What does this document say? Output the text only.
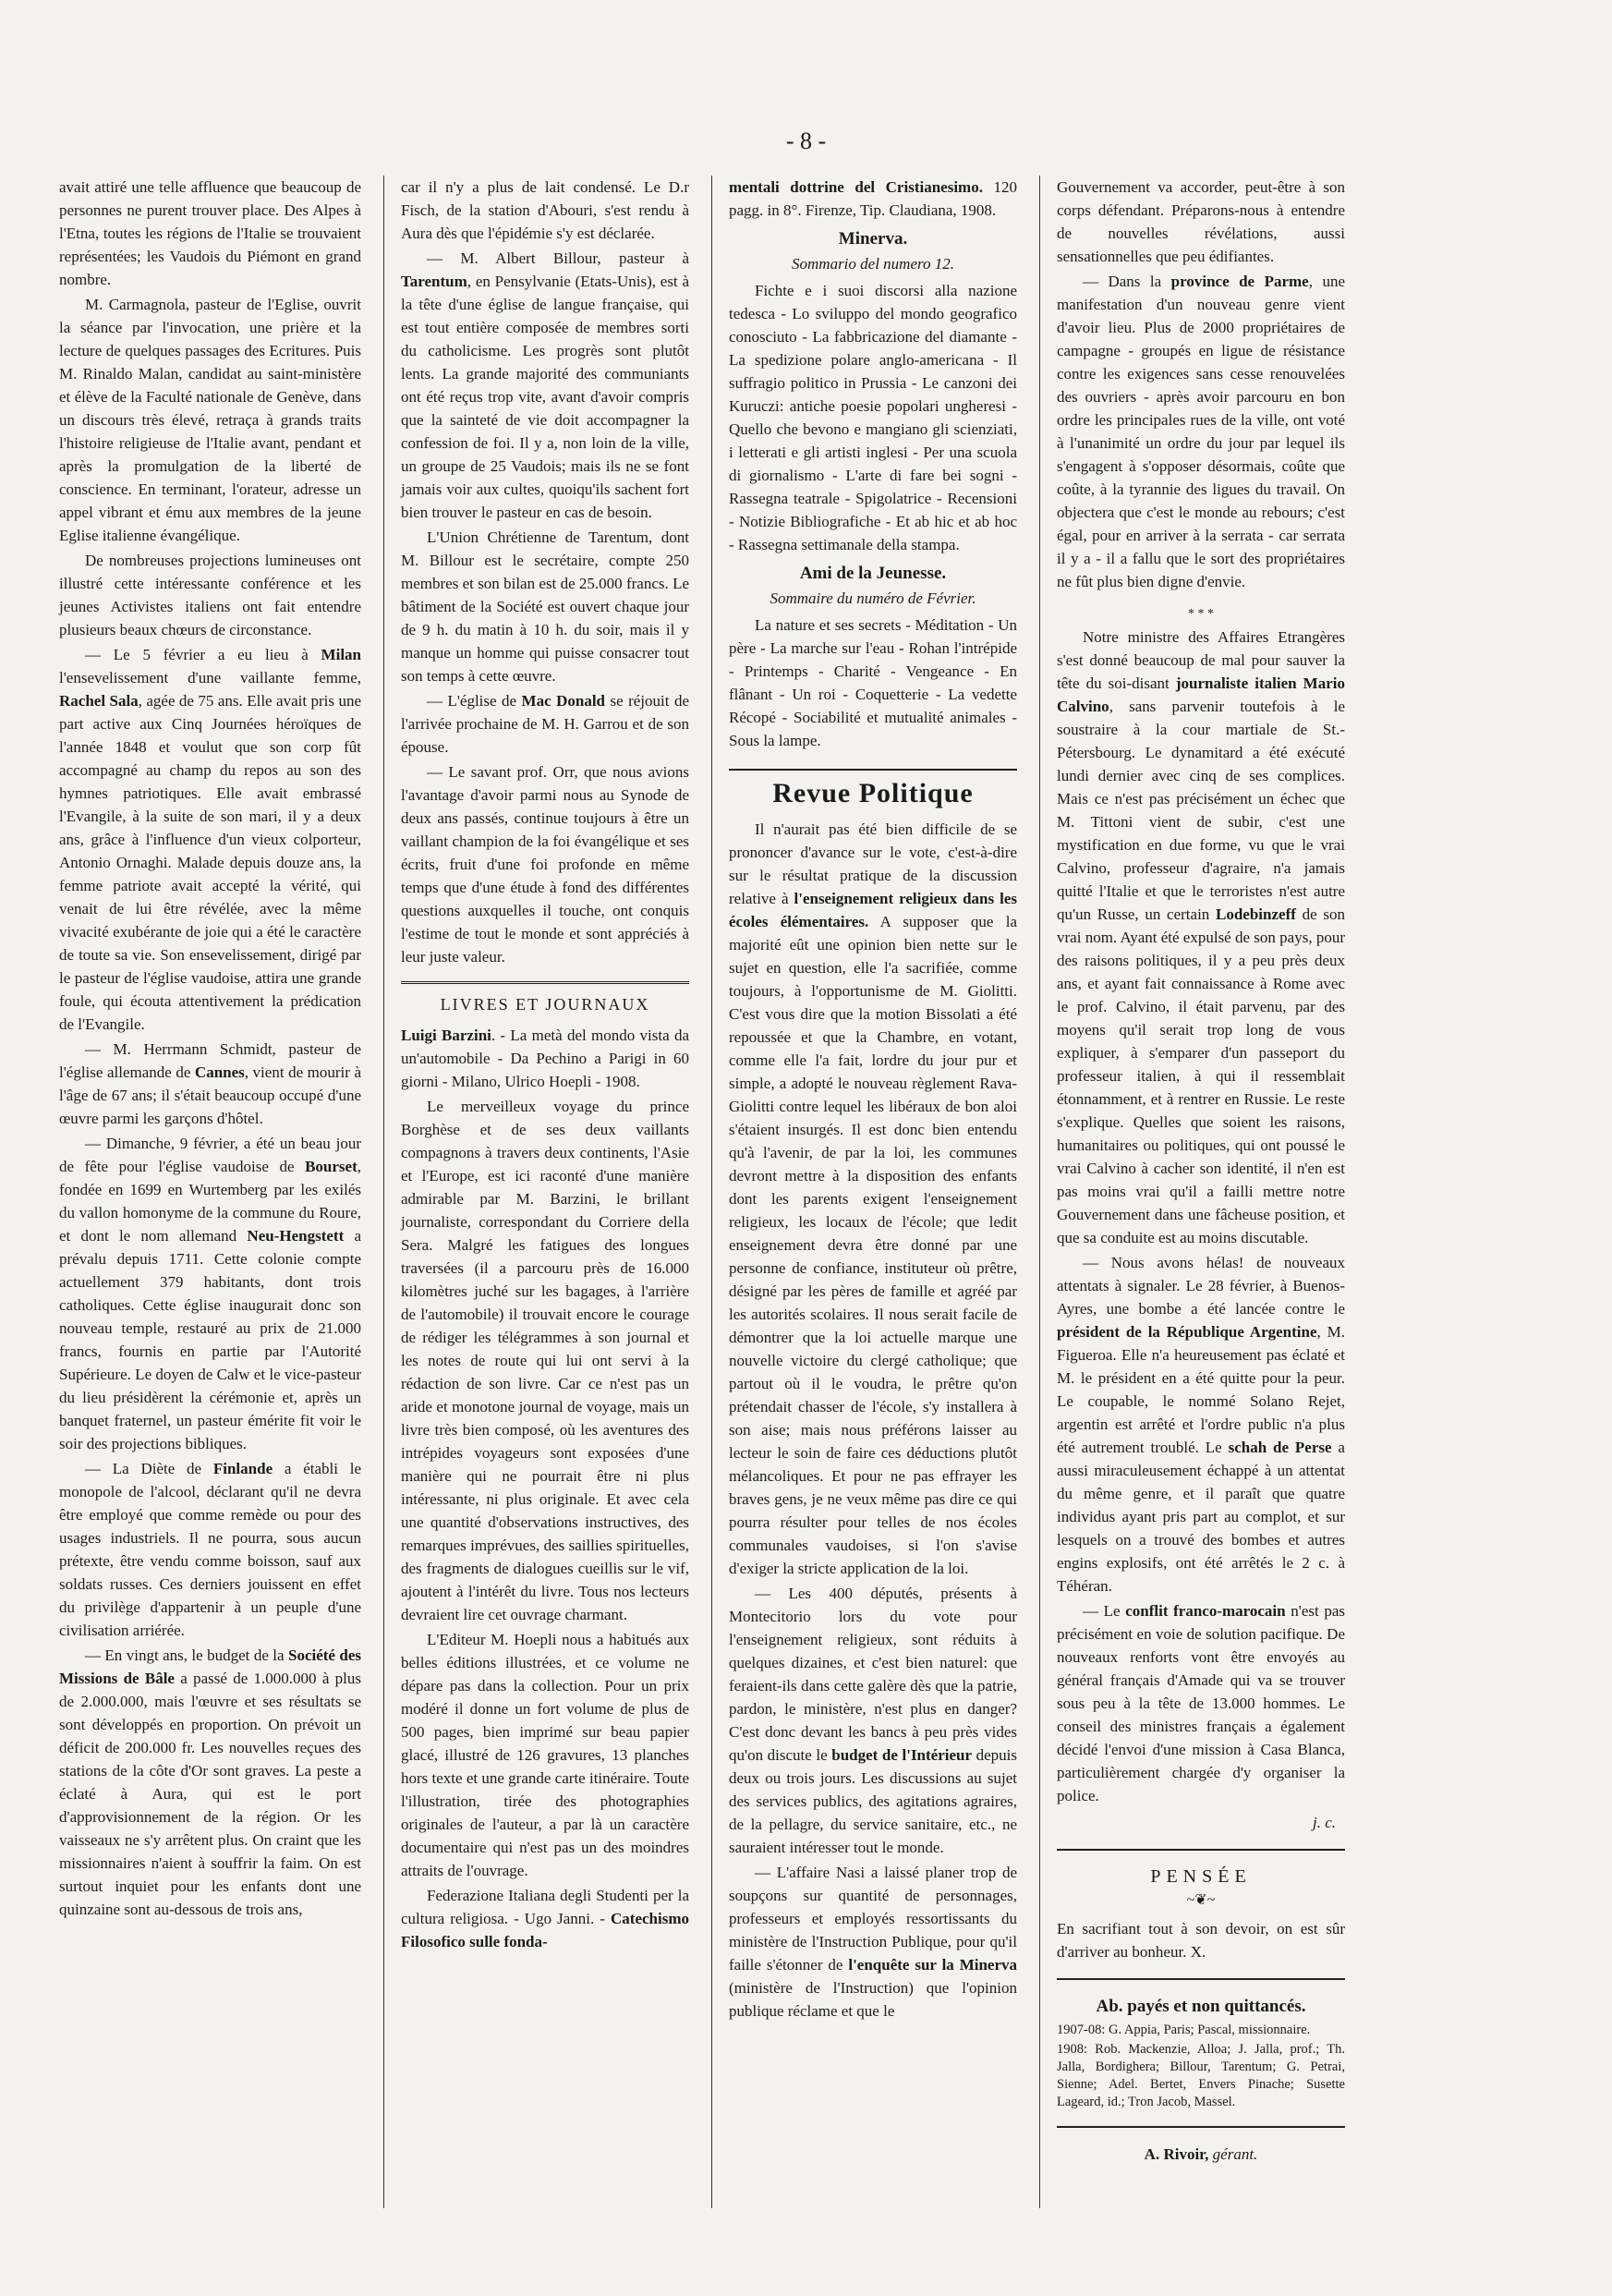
- 8 -

avait attiré une telle affluence que beaucoup de personnes ne purent trouver place. Des Alpes à l'Etna, toutes les régions de l'Italie se trouvaient représentées; les Vaudois du Piémont en grand nombre.

M. Carmagnola, pasteur de l'Eglise, ouvrit la séance par l'invocation, une prière et la lecture de quelques passages des Ecritures. Puis M. Rinaldo Malan, candidat au saint-ministère et élève de la Faculté nationale de Genève, dans un discours très élevé, retraça à grands traits l'histoire religieuse de l'Italie avant, pendant et après la promulgation de la liberté de conscience. En terminant, l'orateur, adresse un appel vibrant et ému aux membres de la jeune Eglise italienne évangélique.

De nombreuses projections lumineuses ont illustré cette intéressante conférence et les jeunes Activistes italiens ont fait entendre plusieurs beaux chœurs de circonstance.

— Le 5 février a eu lieu à Milan l'ensevelissement d'une vaillante femme, Rachel Sala, agée de 75 ans. Elle avait pris une part active aux Cinq Journées héroïques de l'année 1848 et voulut que son corp fût accompagné au champ du repos au son des hymnes patriotiques. Elle avait embrassé l'Evangile, à la suite de son mari, il y a deux ans, grâce à l'influence d'un vieux colporteur, Antonio Ornaghi. Malade depuis douze ans, la femme patriote avait accepté la vérité, qui venait de lui être révélée, avec la même vivacité exubérante de joie qui a été le caractère de toute sa vie. Son ensevelissement, dirigé par le pasteur de l'église vaudoise, attira une grande foule, qui écouta attentivement la prédication de l'Evangile.

— M. Herrmann Schmidt, pasteur de l'église allemande de Cannes, vient de mourir à l'âge de 67 ans; il s'était beaucoup occupé d'une œuvre parmi les garçons d'hôtel.

— Dimanche, 9 février, a été un beau jour de fête pour l'église vaudoise de Bourset, fondée en 1699 en Wurtemberg par les exilés du vallon homonyme de la commune du Roure, et dont le nom allemand Neu-Hengstett a prévalu depuis 1711. Cette colonie compte actuellement 379 habitants, dont trois catholiques. Cette église inaugurait donc son nouveau temple, restauré au prix de 21.000 francs, fournis en partie par l'Autorité Supérieure. Le doyen de Calw et le vice-pasteur du lieu présidèrent la cérémonie et, après un banquet fraternel, un pasteur émérite fit voir le soir des projections bibliques.

— La Diète de Finlande a établi le monopole de l'alcool, déclarant qu'il ne devra être employé que comme remède ou pour des usages industriels. Il ne pourra, sous aucun prétexte, être vendu comme boisson, sauf aux soldats russes. Ces derniers jouissent en effet du privilège d'appartenir à un peuple d'une civilisation arriérée.

— En vingt ans, le budget de la Société des Missions de Bâle a passé de 1.000.000 à plus de 2.000.000, mais l'œuvre et ses résultats se sont développés en proportion. On prévoit un déficit de 200.000 fr. Les nouvelles reçues des stations de la côte d'Or sont graves. La peste a éclaté à Aura, qui est le port d'approvisionnement de la région. Or les vaisseaux ne s'y arrêtent plus. On craint que les missionnaires n'aient à souffrir la faim. On est surtout inquiet pour les enfants dont une quinzaine sont au-dessous de trois ans,

car il n'y a plus de lait condensé. Le D.r Fisch, de la station d'Abouri, s'est rendu à Aura dès que l'épidémie s'y est déclarée.

— M. Albert Billour, pasteur à Tarentum, en Pensylvanie (Etats-Unis), est à la tête d'une église de langue française, qui est tout entière composée de membres sorti du catholicisme. Les progrès sont plutôt lents. La grande majorité des communiants ont été reçus trop vite, avant d'avoir compris que la sainteté de vie doit accompagner la confession de foi. Il y a, non loin de la ville, un groupe de 25 Vaudois; mais ils ne se font jamais voir aux cultes, quoiqu'ils sachent fort bien trouver le pasteur en cas de besoin.

L'Union Chrétienne de Tarentum, dont M. Billour est le secrétaire, compte 250 membres et son bilan est de 25.000 francs. Le bâtiment de la Société est ouvert chaque jour de 9 h. du matin à 10 h. du soir, mais il y manque un homme qui puisse consacrer tout son temps à cette œuvre.

— L'église de Mac Donald se réjouit de l'arrivée prochaine de M. H. Garrou et de son épouse.

— Le savant prof. Orr, que nous avions l'avantage d'avoir parmi nous au Synode de deux ans passés, continue toujours à être un vaillant champion de la foi évangélique et ses écrits, fruit d'une foi profonde en même temps que d'une étude à fond des différentes questions auxquelles il touche, ont conquis l'estime de tout le monde et sont appréciés à leur juste valeur.

LIVRES ET JOURNAUX

Luigi Barzini. - La metà del mondo vista da un'automobile - Da Pechino a Parigi in 60 giorni - Milano, Ulrico Hoepli - 1908.

Le merveilleux voyage du prince Borghèse et de ses deux vaillants compagnons à travers deux continents, l'Asie et l'Europe, est ici raconté d'une manière admirable par M. Barzini, le brillant journaliste, correspondant du Corriere della Sera. Malgré les fatigues des longues traversées (il a parcouru près de 16.000 kilomètres juché sur les bagages, à l'arrière de l'automobile) il trouvait encore le courage de rédiger les télégrammes à son journal et les notes de route qui lui ont servi à la rédaction de son livre. Car ce n'est pas un aride et monotone journal de voyage, mais un livre très bien composé, où les aventures des intrépides voyageurs sont exposées d'une manière qui ne pourrait être ni plus intéressante, ni plus originale. Et avec cela une quantité d'observations instructives, des remarques imprévues, des saillies spirituelles, des fragments de dialogues cueillis sur le vif, ajoutent à l'intérêt du livre. Tous nos lecteurs devraient lire cet ouvrage charmant.

L'Editeur M. Hoepli nous a habitués aux belles éditions illustrées, et ce volume ne dépare pas dans la collection. Pour un prix modéré il donne un fort volume de plus de 500 pages, bien imprimé sur beau papier glacé, illustré de 126 gravures, 13 planches hors texte et une grande carte itinéraire. Toute l'illustration, tirée des photographies originales de l'auteur, a par là un caractère documentaire qui n'est pas un des moindres attraits de l'ouvrage.

Federazione Italiana degli Studenti per la cultura religiosa. - Ugo Janni. - Catechismo Filosofico sulle fonda-

mentali dottrine del Cristianesimo. 120 pagg. in 8°. Firenze, Tip. Claudiana, 1908.

Minerva.
Sommario del numero 12.

Fichte e i suoi discorsi alla nazione tedesca - Lo sviluppo del mondo geografico conosciuto - La fabbricazione del diamante - La spedizione polare anglo-americana - Il suffragio politico in Prussia - Le canzoni dei Kuruczi: antiche poesie popolari ungheresi - Quello che bevono e mangiano gli scienziati, i letterati e gli artisti inglesi - Per una scuola di giornalismo - L'arte di fare bei sogni - Rassegna teatrale - Spigolatrice - Recensioni - Notizie Bibliografiche - Et ab hic et ab hoc - Rassegna settimanale della stampa.

Ami de la Jeunesse.
Sommaire du numéro de Février.

La nature et ses secrets - Méditation - Un père - La marche sur l'eau - Rohan l'intrépide - Printemps - Charité - Vengeance - En flânant - Un roi - Coquetterie - La vedette Récopé - Sociabilité et mutualité animales - Sous la lampe.

Revue Politique

Il n'aurait pas été bien difficile de se prononcer d'avance sur le vote, c'est-à-dire sur le résultat pratique de la discussion relative à l'enseignement religieux dans les écoles élémentaires. A supposer que la majorité eût une opinion bien nette sur le sujet en question, elle l'a sacrifiée, comme toujours, à l'opportunisme de M. Giolitti. C'est vous dire que la motion Bissolati a été repoussée et que la Chambre, en votant, comme elle l'a fait, lordre du jour pur et simple, a adopté le nouveau règlement Rava-Giolitti contre lequel les libéraux de bon aloi s'étaient insurgés. Il est donc bien entendu qu'à l'avenir, de par la loi, les communes devront mettre à la disposition des enfants dont les parents exigent l'enseignement religieux, les locaux de l'école; que ledit enseignement devra être donné par une personne de confiance, instituteur où prêtre, désigné par les pères de famille et agréé par les autorités scolaires. Il nous serait facile de démontrer que la loi actuelle marque une nouvelle victoire du clergé catholique; que partout où il le voudra, le prêtre qu'on prétendait chasser de l'école, s'y installera à son aise; mais nous préférons laisser au lecteur le soin de faire ces déductions plutôt mélancoliques. Et pour ne pas effrayer les braves gens, je ne veux même pas dire ce qui pourra résulter pour telles de nos écoles communales vaudoises, si l'on s'avise d'exiger la stricte application de la loi.

— Les 400 députés, présents à Montecitorio lors du vote pour l'enseignement religieux, sont réduits à quelques dizaines, et c'est bien naturel: que feraient-ils dans cette galère dès que la patrie, pardon, le ministère, n'est plus en danger? C'est donc devant les bancs à peu près vides qu'on discute le budget de l'Intérieur depuis deux ou trois jours. Les discussions au sujet des services publics, des agitations agraires, de la pellagre, du service sanitaire, etc., ne sauraient intéresser tout le monde.

— L'affaire Nasi a laissé planer trop de soupçons sur quantité de personnages, professeurs et employés ressortissants du ministère de l'Instruction Publique, pour qu'il faille s'étonner de l'enquête sur la Minerva (ministère de l'Instruction) que l'opinion publique réclame et que le

Gouvernement va accorder, peut-être à son corps défendant. Préparons-nous à entendre de nouvelles révélations, aussi sensationnelles que peu édifiantes.

— Dans la province de Parme, une manifestation d'un nouveau genre vient d'avoir lieu. Plus de 2000 propriétaires de campagne - groupés en ligue de résistance contre les exigences sans cesse renouvelées des ouvriers - après avoir parcouru en bon ordre les principales rues de la ville, ont voté à l'unanimité un ordre du jour par lequel ils s'engagent à s'opposer désormais, coûte que coûte, à la tyrannie des ligues du travail. On objectera que c'est le monde au rebours; c'est égal, pour en arriver à la serrata - car serrata il y a - il a fallu que le sort des propriétaires ne fût plus bien digne d'envie.

* * *

Notre ministre des Affaires Etrangères s'est donné beaucoup de mal pour sauver la tête du soi-disant journaliste italien Mario Calvino, sans parvenir toutefois à le soustraire à la cour martiale de St.-Pétersbourg. Le dynamitard a été exécuté lundi dernier avec cinq de ses complices. Mais ce n'est pas précisément un échec que M. Tittoni vient de subir, c'est une mystification en due forme, vu que le vrai Calvino, professeur d'agraire, n'a jamais quitté l'Italie et que le terroristes n'est autre qu'un Russe, un certain Lodebinzeff de son vrai nom. Ayant été expulsé de son pays, pour des raisons politiques, il y a peu près deux ans, et ayant fait connaissance à Rome avec le prof. Calvino, il était parvenu, par des moyens qu'il serait trop long de vous expliquer, à s'emparer d'un passeport du professeur italien, à qui il ressemblait étonnamment, et à rentrer en Russie. Le reste s'explique. Quelles que soient les raisons, humanitaires ou politiques, qui ont poussé le vrai Calvino à cacher son identité, il n'en est pas moins vrai qu'il a failli mettre notre Gouvernement dans une fâcheuse position, et que sa conduite est au moins discutable.

— Nous avons hélas! de nouveaux attentats à signaler. Le 28 février, à Buenos-Ayres, une bombe a été lancée contre le président de la République Argentine, M. Figueroa. Elle n'a heureusement pas éclaté et M. le président en a été quitte pour la peur. Le coupable, le nommé Solano Rejet, argentin est arrêté et l'ordre public n'a plus été autrement troublé. Le schah de Perse a aussi miraculeusement échappé à un attentat du même genre, et il paraît que quatre individus ayant pris part au complot, et sur lesquels on a trouvé des bombes et autres engins explosifs, ont été arrêtés le 2 c. à Téhéran.

— Le conflit franco-marocain n'est pas précisément en voie de solution pacifique. De nouveaux renforts vont être envoyés au général français d'Amade qui va se trouver sous peu à la tête de 13.000 hommes. Le conseil des ministres français a également décidé l'envoi d'une mission à Casa Blanca, particulièrement chargée d'y organiser la police.

j. c.
PENSÉE
~❦~

En sacrifiant tout à son devoir, on est sûr d'arriver au bonheur. X.

Ab. payés et non quittancés.

1907-08: G. Appia, Paris; Pascal, missionnaire.

1908: Rob. Mackenzie, Alloa; J. Jalla, prof.; Th. Jalla, Bordighera; Billour, Tarentum; G. Petrai, Sienne; Adel. Bertet, Envers Pinache; Susette Lageard, id.; Tron Jacob, Massel.

A. Rivoir, gérant.
